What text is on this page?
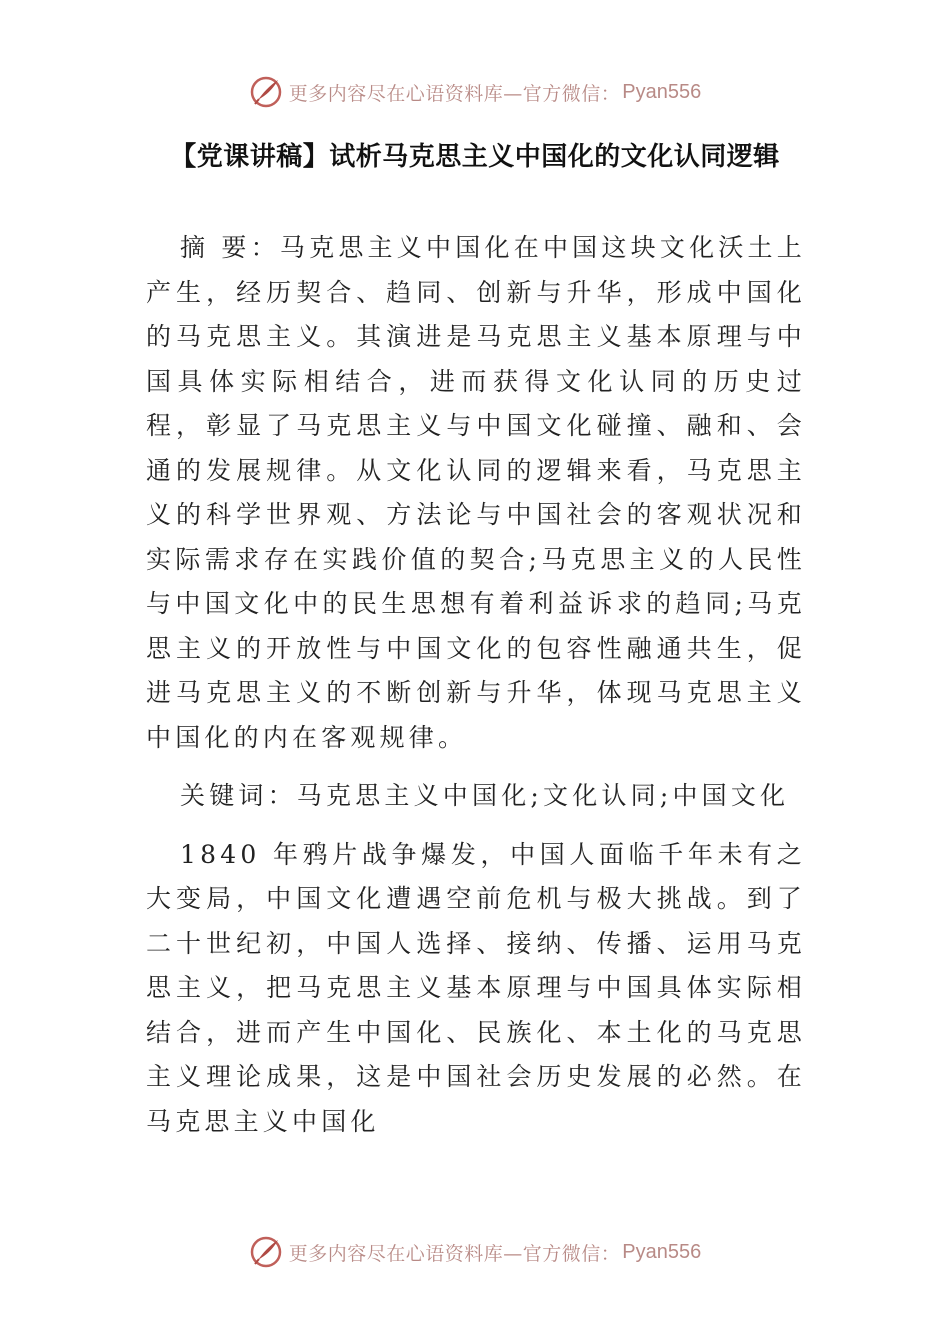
更多内容尽在心语资料库—官方微信： Pyan556
【党课讲稿】试析马克思主义中国化的文化认同逻辑

摘 要：马克思主义中国化在中国这块文化沃土上产生，经历契合、趋同、创新与升华，形成中国化的马克思主义。其演进是马克思主义基本原理与中国具体实际相结合，进而获得文化认同的历史过程，彰显了马克思主义与中国文化碰撞、融和、会通的发展规律。从文化认同的逻辑来看，马克思主义的科学世界观、方法论与中国社会的客观状况和实际需求存在实践价值的契合;马克思主义的人民性与中国文化中的民生思想有着利益诉求的趋同;马克思主义的开放性与中国文化的包容性融通共生，促进马克思主义的不断创新与升华，体现马克思主义中国化的内在客观规律。

关键词：马克思主义中国化;文化认同;中国文化

1840 年鸦片战争爆发，中国人面临千年未有之大变局，中国文化遭遇空前危机与极大挑战。到了二十世纪初，中国人选择、接纳、传播、运用马克思主义，把马克思主义基本原理与中国具体实际相结合，进而产生中国化、民族化、本土化的马克思主义理论成果，这是中国社会历史发展的必然。在马克思主义中国化

更多内容尽在心语资料库—官方微信： Pyan556
